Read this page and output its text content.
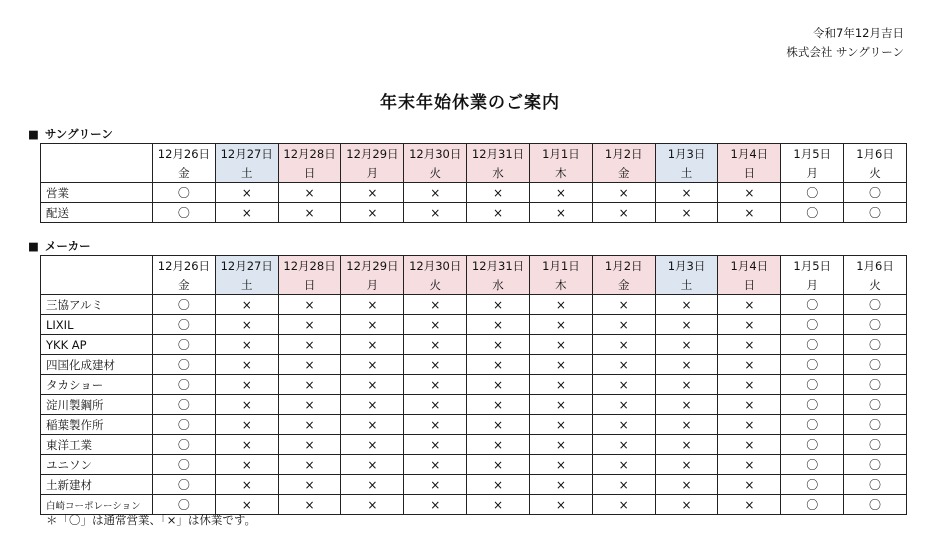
令和7年12月吉日
株式会社 サングリーン
年末年始休業のご案内
■ サングリーン
	12月26日	12月27日	12月28日	12月29日	12月30日	12月31日	1月1日	1月2日	1月3日	1月4日	1月5日	1月6日
	金	土	日	月	火	水	木	金	土	日	月	火
営業	〇	×	×	×	×	×	×	×	×	×	〇	〇
配送	〇	×	×	×	×	×	×	×	×	×	〇	〇
■ メーカー
	12月26日	12月27日	12月28日	12月29日	12月30日	12月31日	1月1日	1月2日	1月3日	1月4日	1月5日	1月6日
	金	土	日	月	火	水	木	金	土	日	月	火
三協アルミ	〇	×	×	×	×	×	×	×	×	×	〇	〇
LIXIL	〇	×	×	×	×	×	×	×	×	×	〇	〇
YKK AP	〇	×	×	×	×	×	×	×	×	×	〇	〇
四国化成建材	〇	×	×	×	×	×	×	×	×	×	〇	〇
タカショー	〇	×	×	×	×	×	×	×	×	×	〇	〇
淀川製鋼所	〇	×	×	×	×	×	×	×	×	×	〇	〇
稲葉製作所	〇	×	×	×	×	×	×	×	×	×	〇	〇
東洋工業	〇	×	×	×	×	×	×	×	×	×	〇	〇
ユニソン	〇	×	×	×	×	×	×	×	×	×	〇	〇
土新建材	〇	×	×	×	×	×	×	×	×	×	〇	〇
白崎コーポレーション	〇	×	×	×	×	×	×	×	×	×	〇	〇
＊「〇」は通常営業、「×」は休業です。
